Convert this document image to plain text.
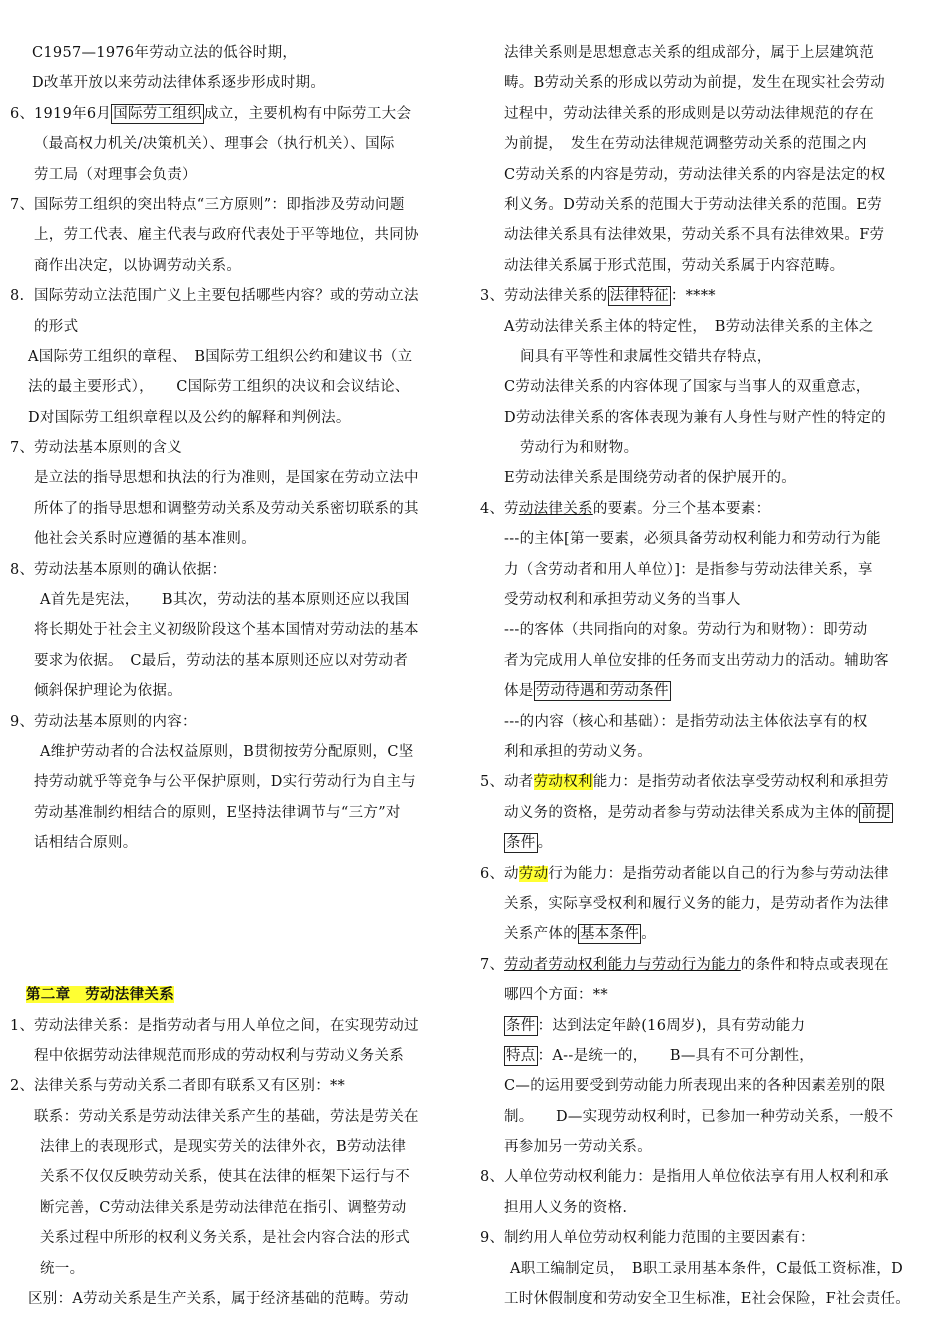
C1957—1976年劳动立法的低谷时期，
D改革开放以来劳动法律体系逐步形成时期。
6、1919年6月 国际劳工组织 成立，主要机构有中际劳工大会
（最高权力机关/决策机关）、理事会（执行机关）、国际
劳工局（对理事会负责）
7、国际劳工组织的突出特点“三方原则”：即指涉及劳动问题
上，劳工代表、雇主代表与政府代表处于平等地位，共同协
商作出决定，以协调劳动关系。
8. 国际劳动立法范围广义上主要包括哪些内容？或的劳动立法
的形式
A国际劳工组织的章程、　B国际劳工组织公约和建议书（立
法的最主要形式），　　C国际劳工组织的决议和会议结论、
D对国际劳工组织章程以及公约的解释和判例法。
7、劳动法基本原则的含义
是立法的指导思想和执法的行为准则，是国家在劳动立法中
所体了的指导思想和调整劳动关系及劳动关系密切联系的其
他社会关系时应遵循的基本准则。
8、劳动法基本原则的确认依据：
A首先是宪法，　　B其次，劳动法的基本原则还应以我国
将长期处于社会主义初级阶段这个基本国情对劳动法的基本
要求为依据。　C最后，劳动法的基本原则还应以对劳动者
倾斜保护理论为依据。
9、劳动法基本原则的内容：
A维护劳动者的合法权益原则，B贯彻按劳分配原则，C坚
持劳动就乎等竞争与公平保护原则，D实行劳动行为自主与
劳动基准制约相结合的原则，E坚持法律调节与“三方”对
话相结合原则。
第二章　劳动法律关系
1、劳动法律关系：是指劳动者与用人单位之间，在实现劳动过
程中依据劳动法律规范而形成的劳动权利与劳动义务关系
2、法律关系与劳动关系二者即有联系又有区别：**
联系：劳动关系是劳动法律关系产生的基础，劳法是劳关在
法律上的表现形式，是现实劳关的法律外衣，B劳动法律
关系不仅仅反映劳动关系，使其在法律的框架下运行与不
断完善，C劳动法律关系是劳动法律范在指引、调整劳动
关系过程中所形的权利义务关系，是社会内容合法的形式
统一。
区别：A劳动关系是生产关系，属于经济基础的范畴。劳动
法律关系则是思想意志关系的组成部分，属于上层建筑范
畴。B劳动关系的形成以劳动为前提，发生在现实社会劳动
过程中，劳动法律关系的形成则是以劳动法律规范的存在
为前提，　发生在劳动法律规范调整劳动关系的范围之内
C劳动关系的内容是劳动，劳动法律关系的内容是法定的权
利义务。D劳动关系的范围大于劳动法律关系的范围。E劳
动法律关系具有法律效果，劳动关系不具有法律效果。F劳
动法律关系属于形式范围，劳动关系属于内容范畴。
3、劳动法律关系的 法律特征 ：****
A劳动法律关系主体的特定性，　B劳动法律关系的主体之
间具有平等性和隶属性交错共存特点，
C劳动法律关系的内容体现了国家与当事人的双重意志，
D劳动法律关系的客体表现为兼有人身性与财产性的特定的
劳动行为和财物。
E劳动法律关系是围绕劳动者的保护展开的。
4、劳动法律关系的要素。分三个基本要素：
---的主体[第一要素，必须具备劳动权利能力和劳动行为能
力（含劳动者和用人单位）]：是指参与劳动法律关系，享
受劳动权利和承担劳动义务的当事人
---的客体（共同指向的对象。劳动行为和财物）：即劳动
者为完成用人单位安排的任务而支出劳动力的活动。辅助客
体是 劳动待遇和劳动条件
---的内容（核心和基础）：是指劳动法主体依法享有的权
利和承担的劳动义务。
5、动者劳动权利能力：是指劳动者依法享受劳动权利和承担劳
动义务的资格，是劳动者参与劳动法律关系成为主体的 前提
条件 。
6、动劳动行为能力：是指劳动者能以自己的行为参与劳动法律
关系，实际享受权利和履行义务的能力，是劳动者作为法律
关系产体的 基本条件 。
7、劳动者劳动权利能力与劳动行为能力的条件和特点或表现在
哪四个方面：**
条件 ：达到法定年龄(16周岁)，具有劳动能力
特点 ：A--是统一的，　　B—具有不可分割性，
C—的运用要受到劳动能力所表现出来的各种因素差别的限
制。　　D—实现劳动权利时，已参加一种劳动关系，一般不
再参加另一劳动关系。
8、人单位劳动权利能力：是指用人单位依法享有用人权利和承
担用人义务的资格.
9、制约用人单位劳动权利能力范围的主要因素有：
A职工编制定员，　B职工录用基本条件，C最低工资标准，D
工时休假制度和劳动安全卫生标准，E社会保险，F社会责任。
